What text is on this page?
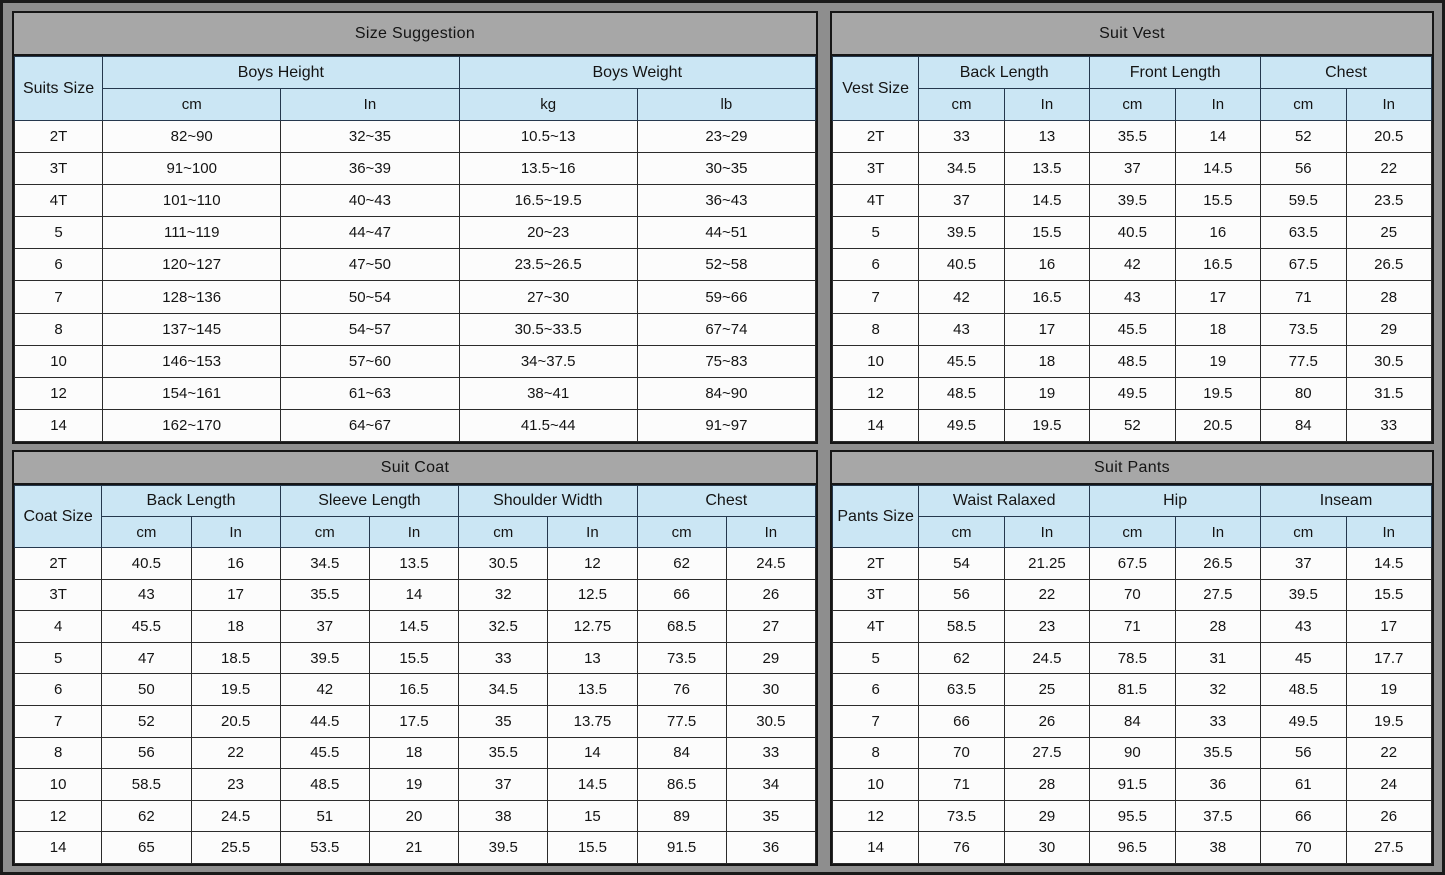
Size Suggestion
Suits Size	Boys Height		Boys Weight	
	cm	In	kg	lb
2T	82~90	32~35	10.5~13	23~29
3T	91~100	36~39	13.5~16	30~35
4T	101~110	40~43	16.5~19.5	36~43
5	111~119	44~47	20~23	44~51
6	120~127	47~50	23.5~26.5	52~58
7	128~136	50~54	27~30	59~66
8	137~145	54~57	30.5~33.5	67~74
10	146~153	57~60	34~37.5	75~83
12	154~161	61~63	38~41	84~90
14	162~170	64~67	41.5~44	91~97
Suit Vest
Vest Size	Back Length		Front Length		Chest	
	cm	In	cm	In	cm	In
2T	33	13	35.5	14	52	20.5
3T	34.5	13.5	37	14.5	56	22
4T	37	14.5	39.5	15.5	59.5	23.5
5	39.5	15.5	40.5	16	63.5	25
6	40.5	16	42	16.5	67.5	26.5
7	42	16.5	43	17	71	28
8	43	17	45.5	18	73.5	29
10	45.5	18	48.5	19	77.5	30.5
12	48.5	19	49.5	19.5	80	31.5
14	49.5	19.5	52	20.5	84	33
Suit Coat
Coat Size	Back Length		Sleeve Length		Shoulder Width		Chest	
	cm	In	cm	In	cm	In	cm	In
2T	40.5	16	34.5	13.5	30.5	12	62	24.5
3T	43	17	35.5	14	32	12.5	66	26
4	45.5	18	37	14.5	32.5	12.75	68.5	27
5	47	18.5	39.5	15.5	33	13	73.5	29
6	50	19.5	42	16.5	34.5	13.5	76	30
7	52	20.5	44.5	17.5	35	13.75	77.5	30.5
8	56	22	45.5	18	35.5	14	84	33
10	58.5	23	48.5	19	37	14.5	86.5	34
12	62	24.5	51	20	38	15	89	35
14	65	25.5	53.5	21	39.5	15.5	91.5	36
Suit Pants
Pants Size	Waist Ralaxed		Hip		Inseam	
	cm	In	cm	In	cm	In
2T	54	21.25	67.5	26.5	37	14.5
3T	56	22	70	27.5	39.5	15.5
4T	58.5	23	71	28	43	17
5	62	24.5	78.5	31	45	17.7
6	63.5	25	81.5	32	48.5	19
7	66	26	84	33	49.5	19.5
8	70	27.5	90	35.5	56	22
10	71	28	91.5	36	61	24
12	73.5	29	95.5	37.5	66	26
14	76	30	96.5	38	70	27.5
